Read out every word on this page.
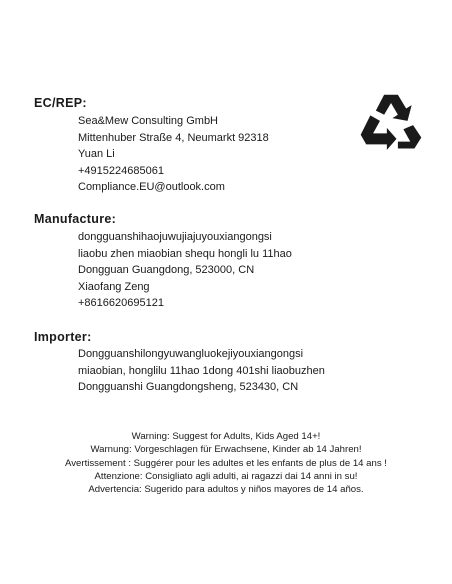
EC/REP:
Sea&Mew Consulting GmbH
Mittenhuber Straße 4, Neumarkt 92318
Yuan Li
+4915224685061
Compliance.EU@outlook.com
Manufacture:
dongguanshihaojuwujiajuyouxiangongsi
liaobu zhen miaobian shequ hongli lu 11hao
Dongguan Guangdong, 523000, CN
Xiaofang Zeng
+8616620695121
Importer:
Dongguanshilongyuwangluokejiyouxiangongsi
miaobian, honglilu 11hao 1dong 401shi liaobuzhen
Dongguanshi Guangdongsheng, 523430, CN
Warning: Suggest for Adults, Kids Aged 14+!
Warnung: Vorgeschlagen für Erwachsene, Kinder ab 14 Jahren!
Avertissement : Suggérer pour les adultes et les enfants de plus de 14 ans !
Attenzione: Consigliato agli adulti, ai ragazzi dai 14 anni in su!
Advertencia: Sugerido para adultos y niños mayores de 14 años.
